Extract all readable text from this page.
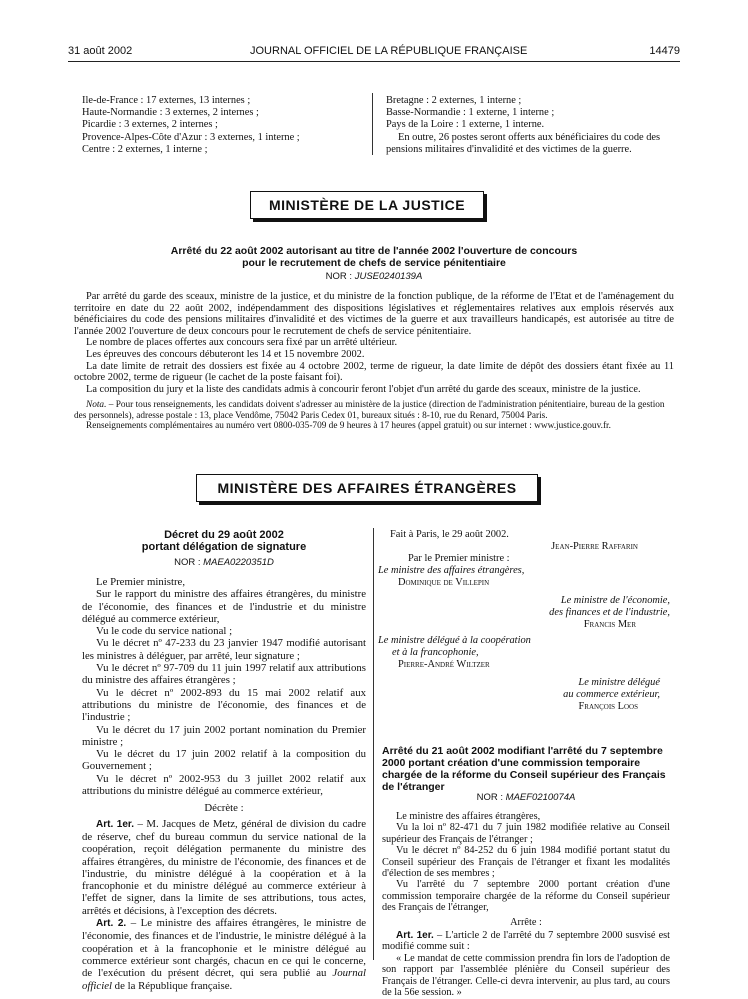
31 août 2002	JOURNAL OFFICIEL DE LA RÉPUBLIQUE FRANÇAISE	14479
Ile-de-France : 17 externes, 13 internes ;
Haute-Normandie : 3 externes, 2 internes ;
Picardie : 3 externes, 2 internes ;
Provence-Alpes-Côte d'Azur : 3 externes, 1 interne ;
Centre : 2 externes, 1 interne ;
Bretagne : 2 externes, 1 interne ;
Basse-Normandie : 1 externe, 1 interne ;
Pays de la Loire : 1 externe, 1 interne.
En outre, 26 postes seront offerts aux bénéficiaires du code des
pensions militaires d'invalidité et des victimes de la guerre.
MINISTÈRE DE LA JUSTICE
Arrêté du 22 août 2002 autorisant au titre de l'année 2002 l'ouverture de concours
pour le recrutement de chefs de service pénitentiaire
NOR : JUSE0240139A

Par arrêté du garde des sceaux, ministre de la justice, et du ministre de la fonction publique, de la réforme de l'Etat et de l'aménagement du territoire en date du 22 août 2002, indépendamment des dispositions législatives et réglementaires relatives aux emplois réservés aux bénéficiaires du code des pensions militaires d'invalidité et des victimes de la guerre et aux travailleurs handicapés, est autorisée au titre de l'année 2002 l'ouverture de deux concours pour le recrutement de chefs de service pénitentiaire.

Le nombre de places offertes aux concours sera fixé par un arrêté ultérieur.

Les épreuves des concours débuteront les 14 et 15 novembre 2002.

La date limite de retrait des dossiers est fixée au 4 octobre 2002, terme de rigueur, la date limite de dépôt des dossiers étant fixée au 11 octobre 2002, terme de rigueur (le cachet de la poste faisant foi).

La composition du jury et la liste des candidats admis à concourir feront l'objet d'un arrêté du garde des sceaux, ministre de la justice.

Nota. – Pour tous renseignements, les candidats doivent s'adresser au ministère de la justice (direction de l'administration pénitentiaire, bureau de la gestion des personnels), adresse postale : 13, place Vendôme, 75042 Paris Cedex 01, bureaux situés : 8-10, rue du Renard, 75004 Paris.

Renseignements complémentaires au numéro vert 0800-035-709 de 9 heures à 17 heures (appel gratuit) ou sur internet : www.justice.gouv.fr.

MINISTÈRE DES AFFAIRES ÉTRANGÈRES
Décret du 29 août 2002
portant délégation de signature
NOR : MAEA0220351D

Le Premier ministre,

Sur le rapport du ministre des affaires étrangères, du ministre de l'économie, des finances et de l'industrie et du ministre délégué au commerce extérieur,

Vu le code du service national ;

Vu le décret nº 47-233 du 23 janvier 1947 modifié autorisant les ministres à déléguer, par arrêté, leur signature ;

Vu le décret nº 97-709 du 11 juin 1997 relatif aux attributions du ministre des affaires étrangères ;

Vu le décret nº 2002-893 du 15 mai 2002 relatif aux attributions du ministre de l'économie, des finances et de l'industrie ;

Vu le décret du 17 juin 2002 portant nomination du Premier ministre ;

Vu le décret du 17 juin 2002 relatif à la composition du Gouvernement ;

Vu le décret nº 2002-953 du 3 juillet 2002 relatif aux attributions du ministre délégué au commerce extérieur,

Décrète :

Art. 1er. – M. Jacques de Metz, général de division du cadre de réserve, chef du bureau commun du service national de la coopération, reçoit délégation permanente du ministre des affaires étrangères, du ministre de l'économie, des finances et de l'industrie, du ministre délégué à la coopération et à la francophonie et du ministre délégué au commerce extérieur à l'effet de signer, dans la limite de ses attributions, tous actes, arrêtés et décisions, à l'exception des décrets.

Art. 2. – Le ministre des affaires étrangères, le ministre de l'économie, des finances et de l'industrie, le ministre délégué à la coopération et à la francophonie et le ministre délégué au commerce extérieur sont chargés, chacun en ce qui le concerne, de l'exécution du présent décret, qui sera publié au Journal officiel de la République française.

Fait à Paris, le 29 août 2002.
Jean-Pierre Raffarin
Par le Premier ministre :
Le ministre des affaires étrangères,
Dominique de Villepin
Le ministre de l'économie,
des finances et de l'industrie,
Francis Mer
Le ministre délégué à la coopération
et à la francophonie,
Pierre-André Wiltzer
Le ministre délégué
au commerce extérieur,
François Loos
Arrêté du 21 août 2002 modifiant l'arrêté du 7 septembre 2000 portant création d'une commission temporaire chargée de la réforme du Conseil supérieur des Français de l'étranger
NOR : MAEF0210074A

Le ministre des affaires étrangères,

Vu la loi nº 82-471 du 7 juin 1982 modifiée relative au Conseil supérieur des Français de l'étranger ;

Vu le décret nº 84-252 du 6 juin 1984 modifié portant statut du Conseil supérieur des Français de l'étranger et fixant les modalités d'élection de ses membres ;

Vu l'arrêté du 7 septembre 2000 portant création d'une commission temporaire chargée de la réforme du Conseil supérieur des Français de l'étranger,

Arrête :

Art. 1er. – L'article 2 de l'arrêté du 7 septembre 2000 susvisé est modifié comme suit :

« Le mandat de cette commission prendra fin lors de l'adoption de son rapport par l'assemblée plénière du Conseil supérieur des Français de l'étranger. Celle-ci devra intervenir, au plus tard, au cours de la 56e session. »
